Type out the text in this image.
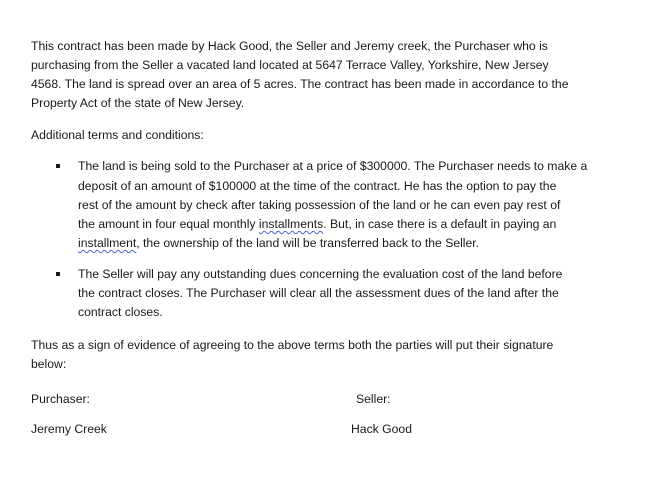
This contract has been made by Hack Good, the Seller and Jeremy creek, the Purchaser who is
purchasing from the Seller a vacated land located at 5647 Terrace Valley, Yorkshire, New Jersey
4568. The land is spread over an area of 5 acres. The contract has been made in accordance to the
Property Act of the state of New Jersey.

Additional terms and conditions:

The land is being sold to the Purchaser at a price of $300000. The Purchaser needs to make a
deposit of an amount of $100000 at the time of the contract. He has the option to pay the
rest of the amount by check after taking possession of the land or he can even pay rest of
the amount in four equal monthly installments. But, in case there is a default in paying an
installment, the ownership of the land will be transferred back to the Seller.
The Seller will pay any outstanding dues concerning the evaluation cost of the land before
the contract closes. The Purchaser will clear all the assessment dues of the land after the
contract closes.

Thus as a sign of evidence of agreeing to the above terms both the parties will put their signature
below:

Purchaser:	Seller:
Jeremy Creek	Hack Good
